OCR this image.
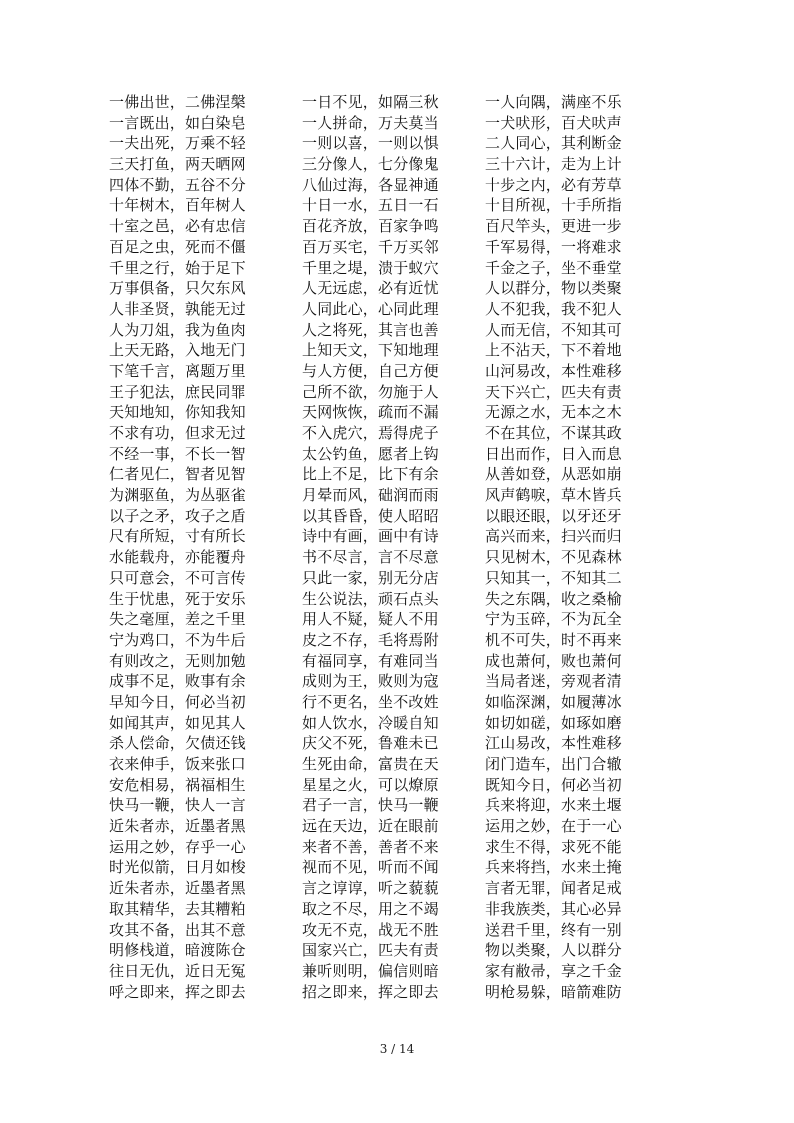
一佛出世，二佛涅槃
一言既出，如白染皂
一夫出死，万乘不轻
三天打鱼，两天晒网
四体不勤，五谷不分
十年树木，百年树人
十室之邑，必有忠信
百足之虫，死而不僵
千里之行，始于足下
万事俱备，只欠东风
人非圣贤，孰能无过
人为刀俎，我为鱼肉
上天无路，入地无门
下笔千言，离题万里
王子犯法，庶民同罪
天知地知，你知我知
不求有功，但求无过
不经一事，不长一智
仁者见仁，智者见智
为渊驱鱼，为丛驱雀
以子之矛，攻子之盾
尺有所短，寸有所长
水能载舟，亦能覆舟
只可意会，不可言传
生于忧患，死于安乐
失之毫厘，差之千里
宁为鸡口，不为牛后
有则改之，无则加勉
成事不足，败事有余
早知今日，何必当初
如闻其声，如见其人
杀人偿命，欠债还钱
衣来伸手，饭来张口
安危相易，祸福相生
快马一鞭，快人一言
近朱者赤，近墨者黑
运用之妙，存乎一心
时光似箭，日月如梭
近朱者赤，近墨者黑
取其精华，去其糟粕
攻其不备，出其不意
明修栈道，暗渡陈仓
往日无仇，近日无冤
呼之即来，挥之即去
一日不见，如隔三秋
一人拼命，万夫莫当
一则以喜，一则以惧
三分像人，七分像鬼
八仙过海，各显神通
十日一水，五日一石
百花齐放，百家争鸣
百万买宅，千万买邻
千里之堤，溃于蚁穴
人无远虑，必有近忧
人同此心，心同此理
人之将死，其言也善
上知天文，下知地理
与人方便，自己方便
己所不欲，勿施于人
天网恢恢，疏而不漏
不入虎穴，焉得虎子
太公钓鱼，愿者上钩
比上不足，比下有余
月晕而风，础润而雨
以其昏昏，使人昭昭
诗中有画，画中有诗
书不尽言，言不尽意
只此一家，别无分店
生公说法，顽石点头
用人不疑，疑人不用
皮之不存，毛将焉附
有福同享，有难同当
成则为王，败则为寇
行不更名，坐不改姓
如人饮水，冷暖自知
庆父不死，鲁难未已
生死由命，富贵在天
星星之火，可以燎原
君子一言，快马一鞭
远在天边，近在眼前
来者不善，善者不来
视而不见，听而不闻
言之谆谆，听之藐藐
取之不尽，用之不竭
攻无不克，战无不胜
国家兴亡，匹夫有责
兼听则明，偏信则暗
招之即来，挥之即去
一人向隅，满座不乐
一犬吠形，百犬吠声
二人同心，其利断金
三十六计，走为上计
十步之内，必有芳草
十目所视，十手所指
百尺竿头，更进一步
千军易得，一将难求
千金之子，坐不垂堂
人以群分，物以类聚
人不犯我，我不犯人
人而无信，不知其可
上不沾天，下不着地
山河易改，本性难移
天下兴亡，匹夫有责
无源之水，无本之木
不在其位，不谋其政
日出而作，日入而息
从善如登，从恶如崩
风声鹤唳，草木皆兵
以眼还眼，以牙还牙
高兴而来，扫兴而归
只见树木，不见森林
只知其一，不知其二
失之东隅，收之桑榆
宁为玉碎，不为瓦全
机不可失，时不再来
成也萧何，败也萧何
当局者迷，旁观者清
如临深渊，如履薄冰
如切如磋，如琢如磨
江山易改，本性难移
闭门造车，出门合辙
既知今日，何必当初
兵来将迎，水来土堰
运用之妙，在于一心
求生不得，求死不能
兵来将挡，水来土掩
言者无罪，闻者足戒
非我族类，其心必异
送君千里，终有一别
物以类聚，人以群分
家有敝帚，享之千金
明枪易躲，暗箭难防
3 / 14
